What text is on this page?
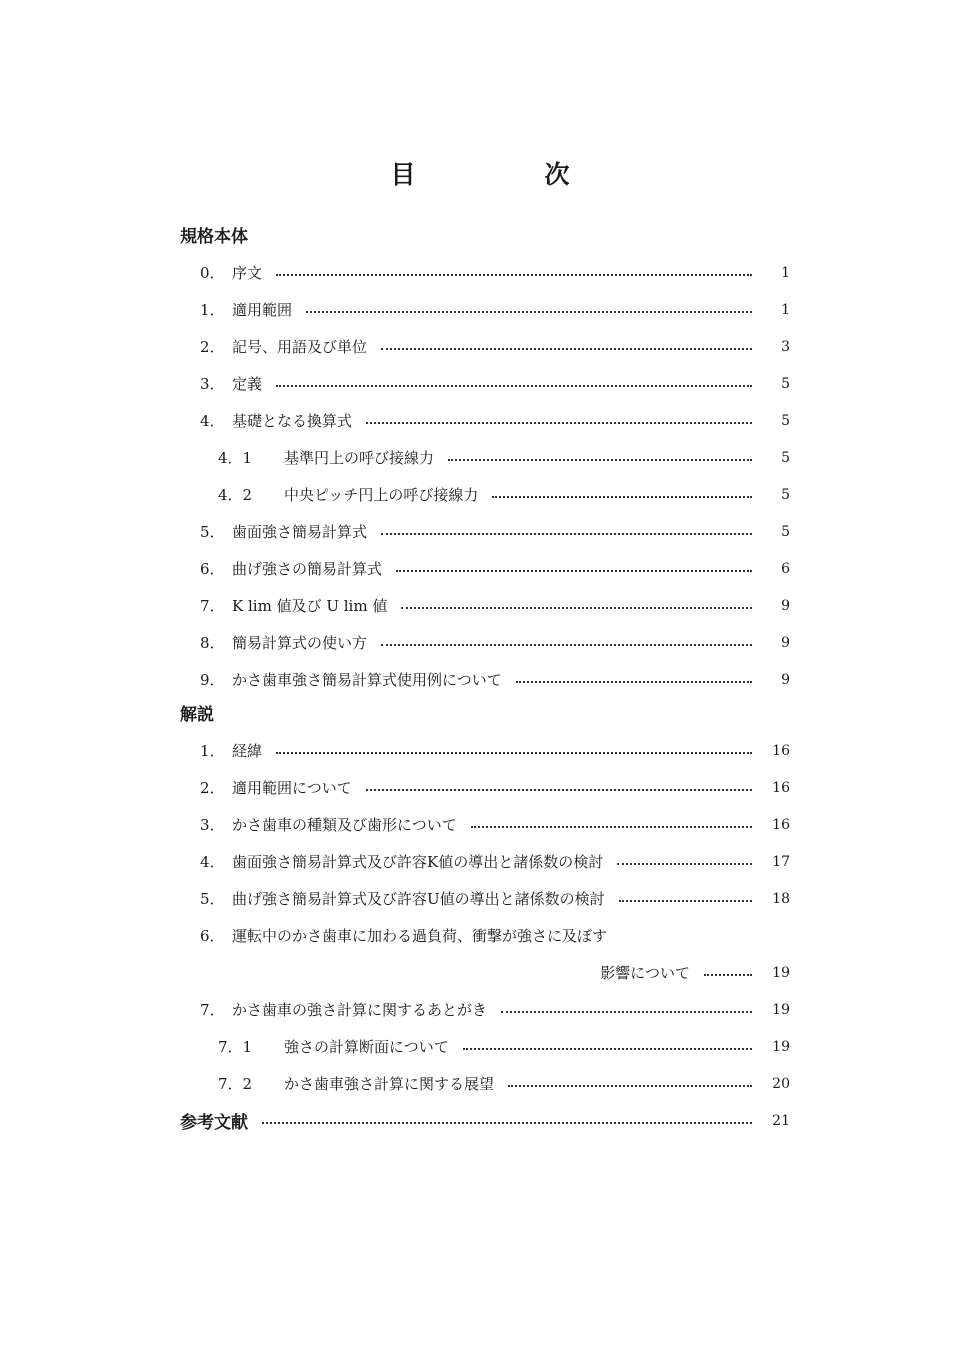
目　次
規格本体
0． 序文	1
1． 適用範囲	1
2． 記号、用語及び単位	3
3． 定義	5
4． 基礎となる換算式	5
4．1	基準円上の呼び接線力	5
4．2	中央ピッチ円上の呼び接線力	5
5． 歯面強さ簡易計算式	5
6． 曲げ強さの簡易計算式	6
7． K lim 値及び U lim 値	9
8． 簡易計算式の使い方	9
9． かさ歯車強さ簡易計算式使用例について	9
解説
1． 経緯	16
2． 適用範囲について	16
3． かさ歯車の種類及び歯形について	16
4． 歯面強さ簡易計算式及び許容K値の導出と諸係数の検討	17
5． 曲げ強さ簡易計算式及び許容U値の導出と諸係数の検討	18
6． 運転中のかさ歯車に加わる過負荷、衝撃が強さに及ぼす
影響について	19
7． かさ歯車の強さ計算に関するあとがき	19
7．1	強さの計算断面について	19
7．2	かさ歯車強さ計算に関する展望	20
参考文献	21
